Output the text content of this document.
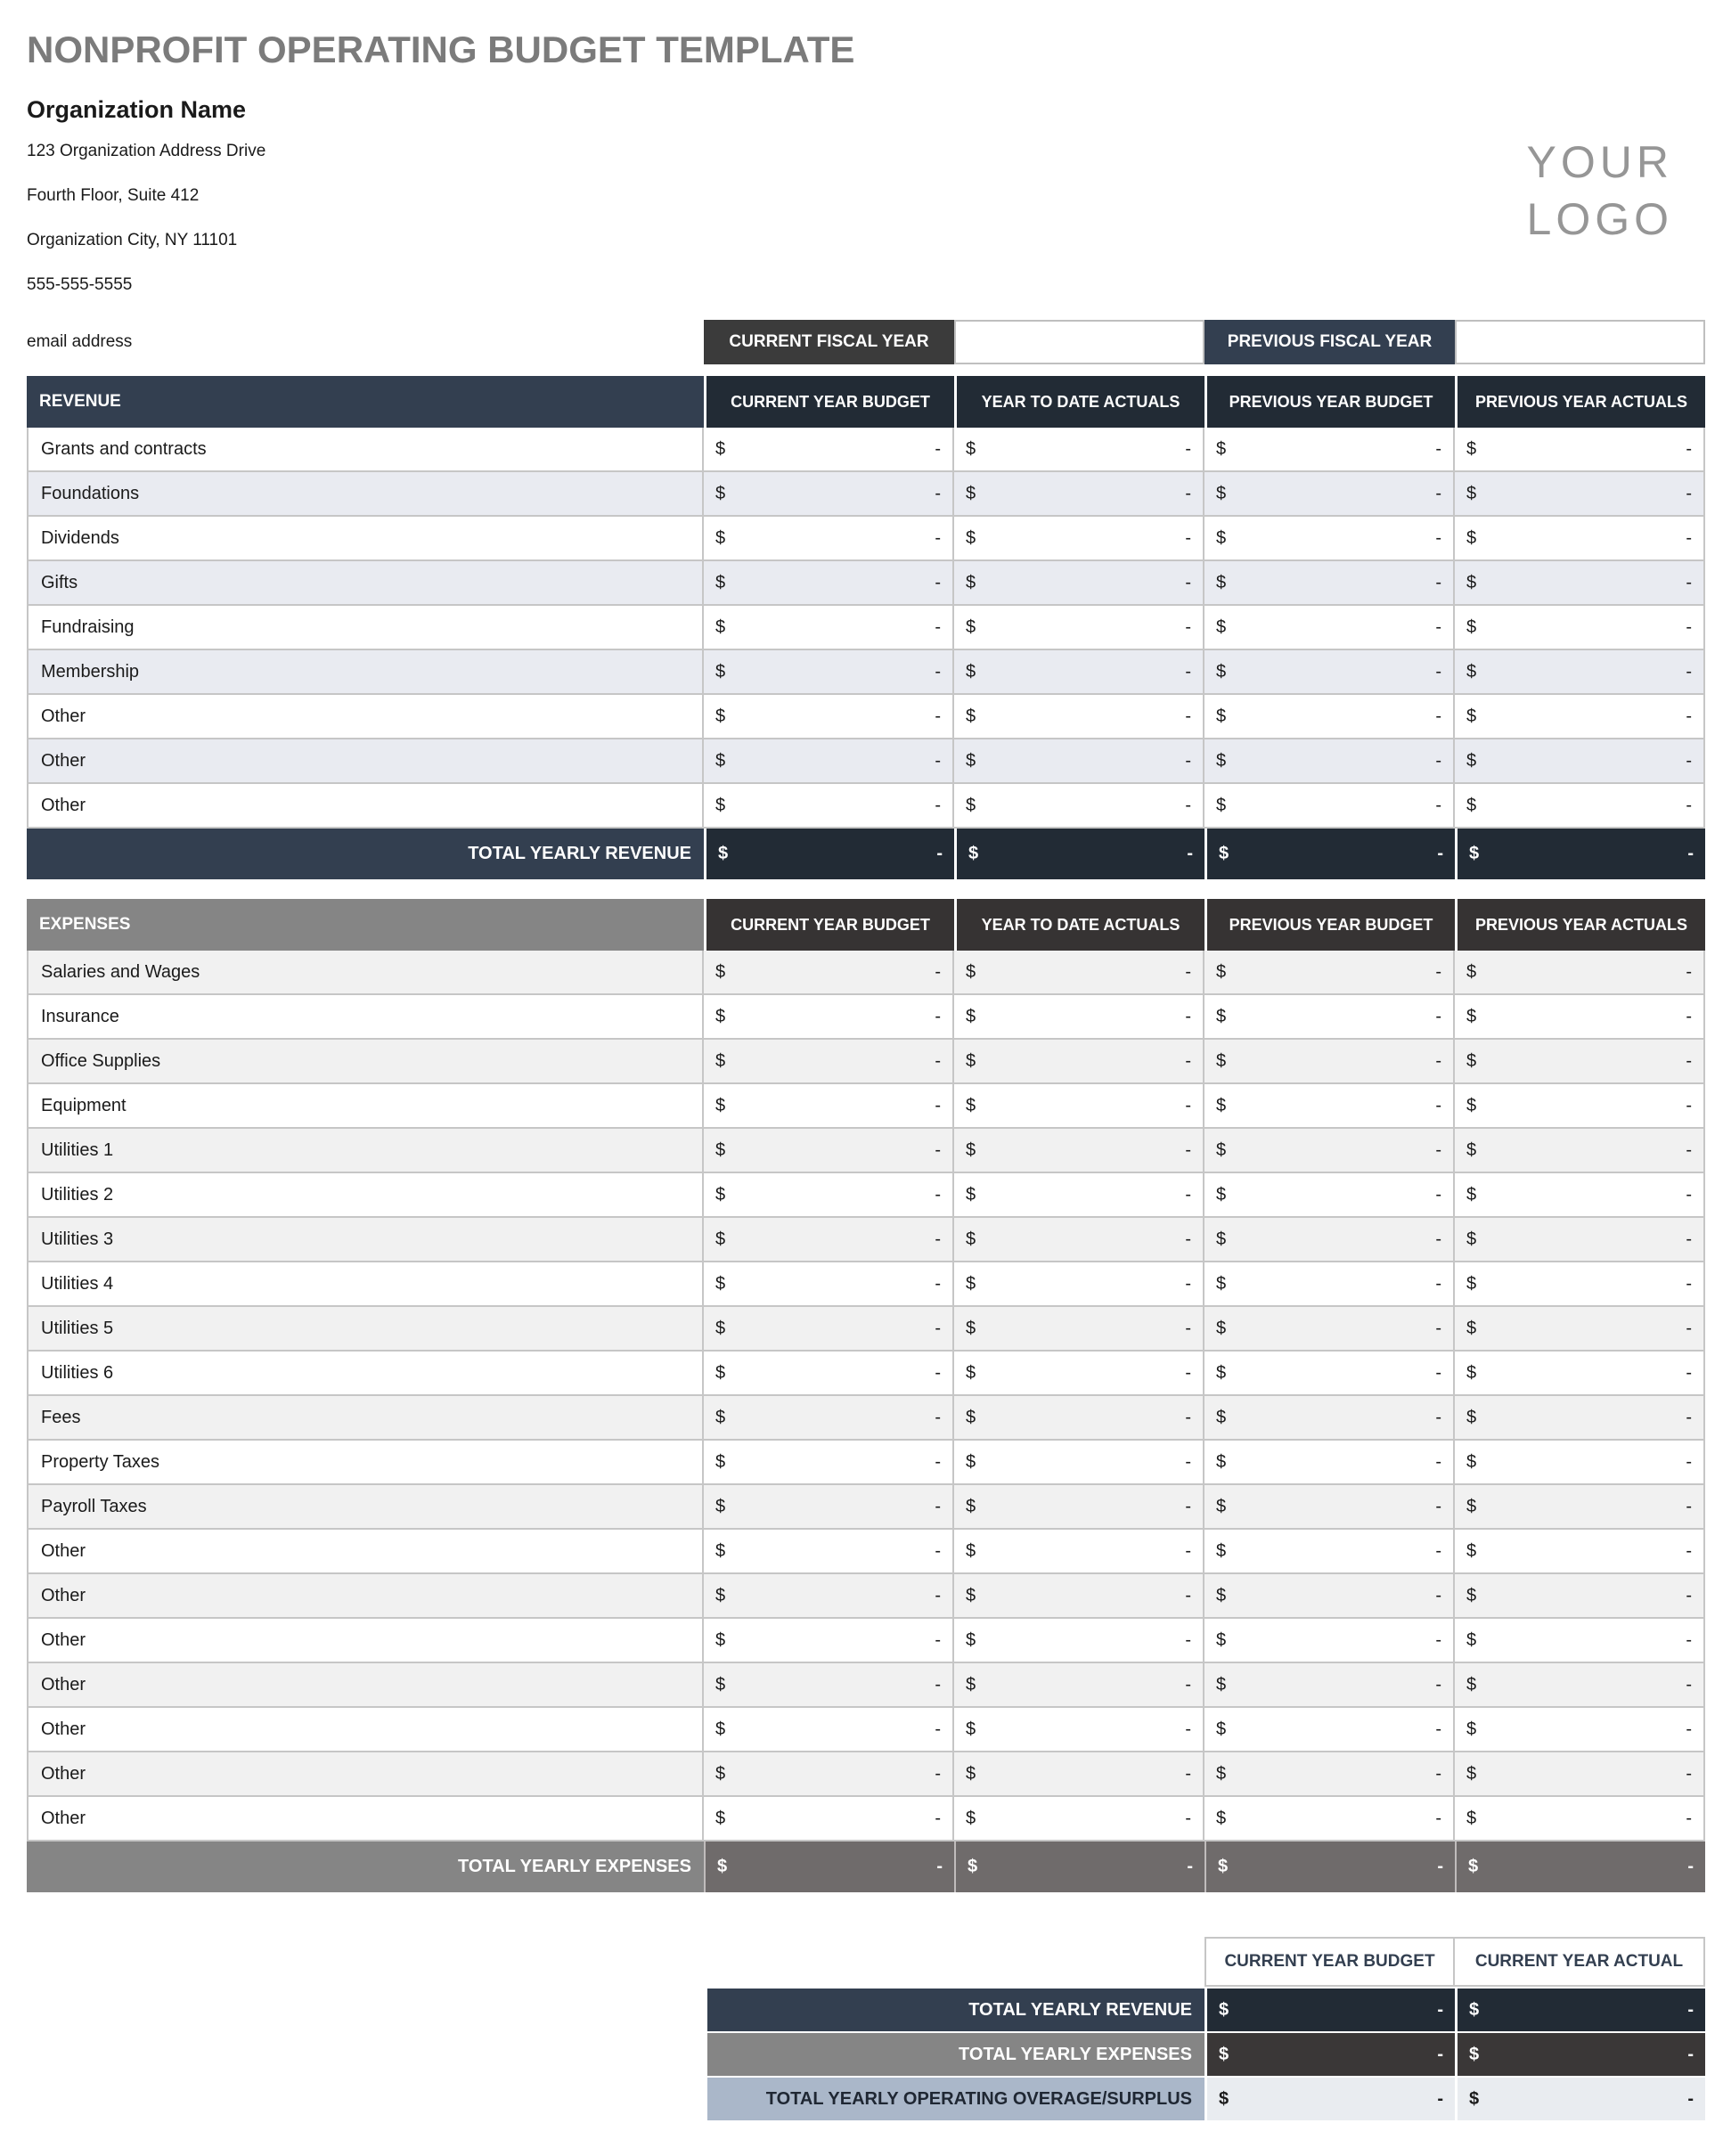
NONPROFIT OPERATING BUDGET TEMPLATE
YOUR
LOGO
Organization Name
123 Organization Address Drive
Fourth Floor, Suite 412
Organization City, NY 11101
555-555-5555
email address	CURRENT FISCAL YEAR	PREVIOUS FISCAL YEAR
REVENUE	CURRENT YEAR BUDGET	YEAR TO DATE ACTUALS	PREVIOUS YEAR BUDGET	PREVIOUS YEAR ACTUALS
Grants and contracts	$	- $	- $	- $	-
Foundations	$	- $	- $	- $	-
Dividends	$	- $	- $	- $	-
Gifts	$	- $	- $	- $	-
Fundraising	$	- $	- $	- $	-
Membership	$	- $	- $	- $	-
Other	$	- $	- $	- $	-
Other	$	- $	- $	- $	-
Other	$	- $	- $	- $	-
TOTAL YEARLY REVENUE	$	- $	- $	- $	-
EXPENSES	CURRENT YEAR BUDGET	YEAR TO DATE ACTUALS	PREVIOUS YEAR BUDGET	PREVIOUS YEAR ACTUALS
Salaries and Wages	$	- $	- $	- $	-
Insurance	$	- $	- $	- $	-
Office Supplies	$	- $	- $	- $	-
Equipment	$	- $	- $	- $	-
Utilities 1	$	- $	- $	- $	-
Utilities 2	$	- $	- $	- $	-
Utilities 3	$	- $	- $	- $	-
Utilities 4	$	- $	- $	- $	-
Utilities 5	$	- $	- $	- $	-
Utilities 6	$	- $	- $	- $	-
Fees	$	- $	- $	- $	-
Property Taxes	$	- $	- $	- $	-
Payroll Taxes	$	- $	- $	- $	-
Other	$	- $	- $	- $	-
Other	$	- $	- $	- $	-
Other	$	- $	- $	- $	-
Other	$	- $	- $	- $	-
Other	$	- $	- $	- $	-
Other	$	- $	- $	- $	-
Other	$	- $	- $	- $	-
TOTAL YEARLY EXPENSES	$	- $	- $	- $	-
CURRENT YEAR BUDGET	CURRENT YEAR ACTUAL
TOTAL YEARLY REVENUE	$	- $	-
TOTAL YEARLY EXPENSES	$	- $	-
TOTAL YEARLY OPERATING OVERAGE/SURPLUS	$	- $	-
